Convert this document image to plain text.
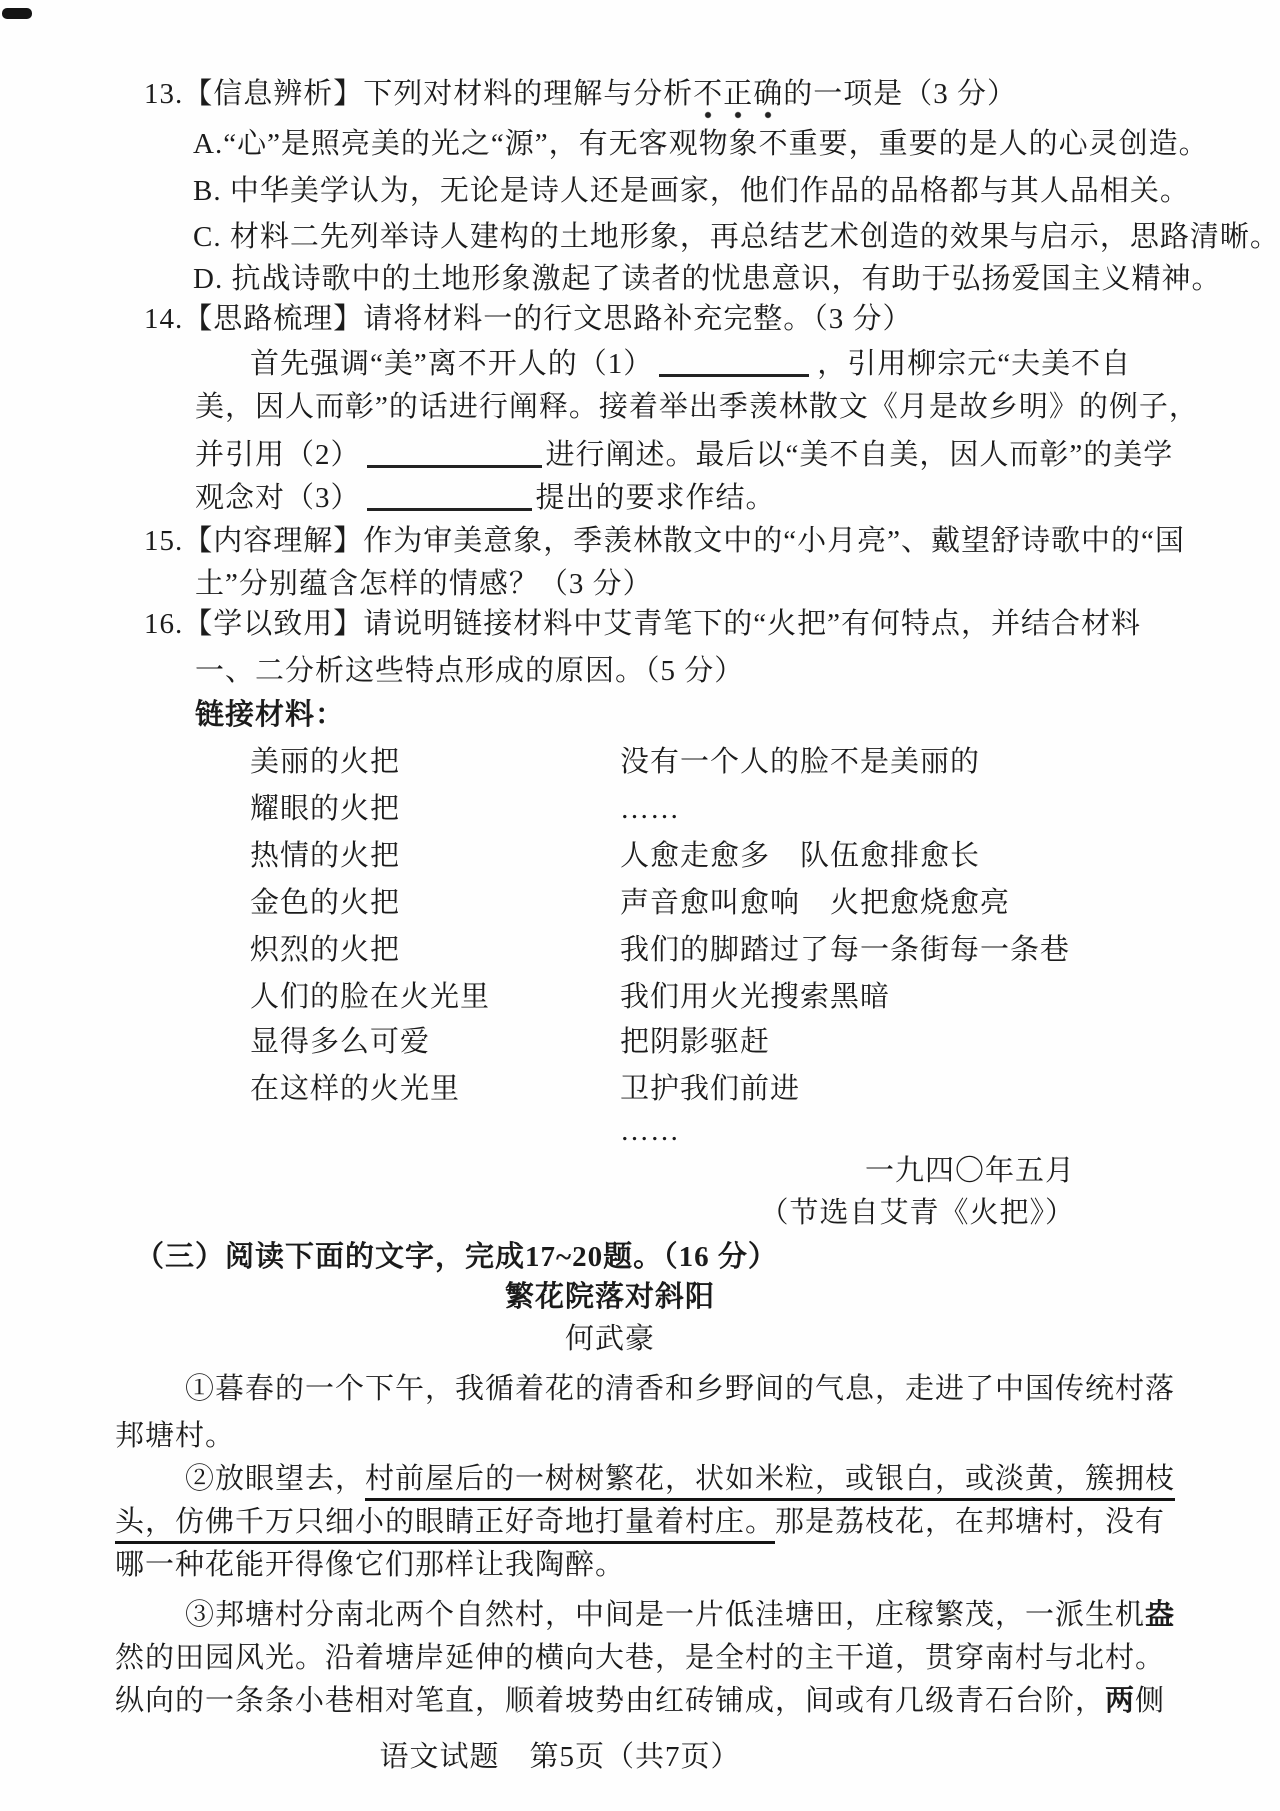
13.【信息辨析】下列对材料的理解与分析不正确的一项是（3 分）
A.“心”是照亮美的光之“源”，有无客观物象不重要，重要的是人的心灵创造。
B. 中华美学认为，无论是诗人还是画家，他们作品的品格都与其人品相关。
C. 材料二先列举诗人建构的土地形象，再总结艺术创造的效果与启示，思路清晰。
D. 抗战诗歌中的土地形象激起了读者的忧患意识，有助于弘扬爱国主义精神。
14.【思路梳理】请将材料一的行文思路补充完整。（3 分）
首先强调“美”离不开人的（1）	，引用柳宗元“夫美不自
美，因人而彰”的话进行阐释。接着举出季羡林散文《月是故乡明》的例子，
并引用（2）	进行阐述。最后以“美不自美，因人而彰”的美学
观念对（3）	提出的要求作结。
15.【内容理解】作为审美意象，季羡林散文中的“小月亮”、戴望舒诗歌中的“国
土”分别蕴含怎样的情感？（3 分）
16.【学以致用】请说明链接材料中艾青笔下的“火把”有何特点，并结合材料
一、二分析这些特点形成的原因。（5 分）
链接材料：
美丽的火把	没有一个人的脸不是美丽的
耀眼的火把	……
热情的火把	人愈走愈多　队伍愈排愈长
金色的火把	声音愈叫愈响　火把愈烧愈亮
炽烈的火把	我们的脚踏过了每一条街每一条巷
人们的脸在火光里	我们用火光搜索黑暗
显得多么可爱	把阴影驱赶
在这样的火光里	卫护我们前进
……
一九四〇年五月
（节选自艾青《火把》）
（三）阅读下面的文字，完成17~20题。（16 分）
繁花院落对斜阳
何武豪
①暮春的一个下午，我循着花的清香和乡野间的气息，走进了中国传统村落
邦塘村。
②放眼望去，村前屋后的一树树繁花，状如米粒，或银白，或淡黄，簇拥枝
头，仿佛千万只细小的眼睛正好奇地打量着村庄。那是荔枝花，在邦塘村，没有
哪一种花能开得像它们那样让我陶醉。
③邦塘村分南北两个自然村，中间是一片低洼塘田，庄稼繁茂，一派生机盎
然的田园风光。沿着塘岸延伸的横向大巷，是全村的主干道，贯穿南村与北村。
纵向的一条条小巷相对笔直，顺着坡势由红砖铺成，间或有几级青石台阶，两侧
语文试题　第5页（共7页）
